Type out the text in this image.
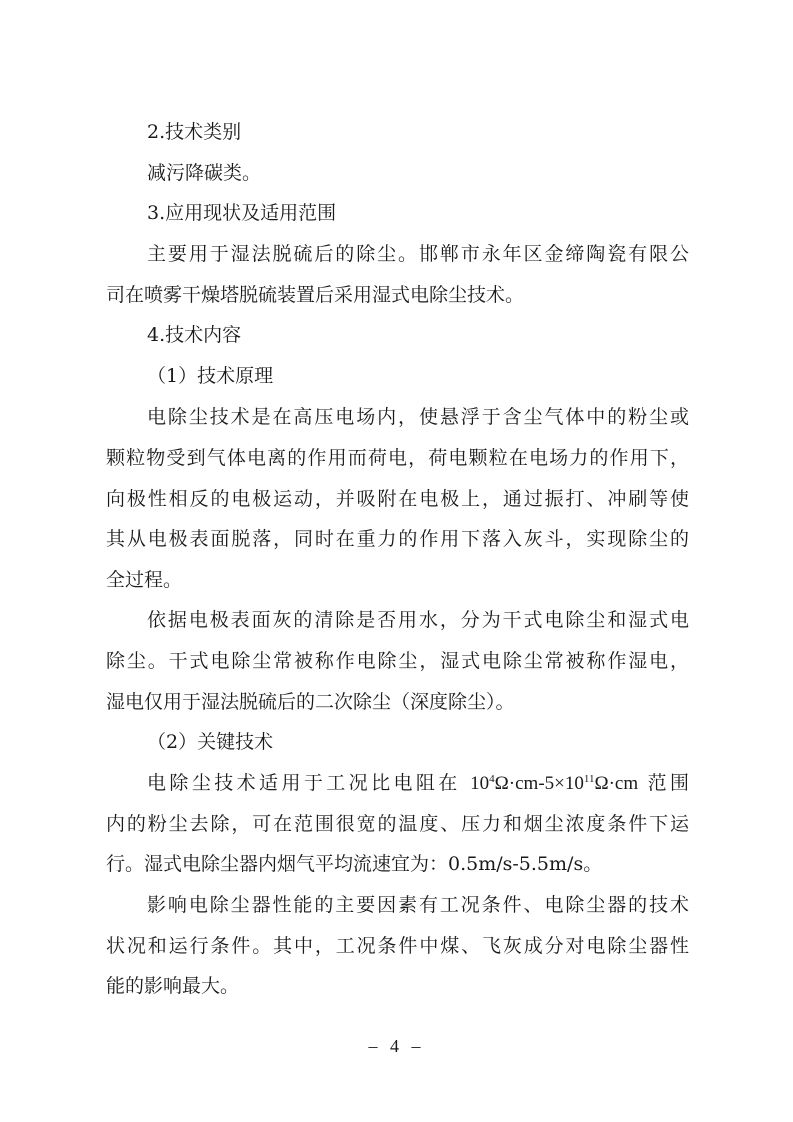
2.技术类别
减污降碳类。
3.应用现状及适用范围
主要用于湿法脱硫后的除尘。邯郸市永年区金缔陶瓷有限公
司在喷雾干燥塔脱硫装置后采用湿式电除尘技术。
4.技术内容
（1）技术原理
电除尘技术是在高压电场内，使悬浮于含尘气体中的粉尘或
颗粒物受到气体电离的作用而荷电，荷电颗粒在电场力的作用下，
向极性相反的电极运动，并吸附在电极上，通过振打、冲刷等使
其从电极表面脱落，同时在重力的作用下落入灰斗，实现除尘的
全过程。
依据电极表面灰的清除是否用水，分为干式电除尘和湿式电
除尘。干式电除尘常被称作电除尘，湿式电除尘常被称作湿电，
湿电仅用于湿法脱硫后的二次除尘（深度除尘）。
（2）关键技术
电除尘技术适用于工况比电阻在 $10^4\Omega\cdot cm-5\times 10^{11}\Omega\cdot cm$ 范围
内的粉尘去除，可在范围很宽的温度、压力和烟尘浓度条件下运
行。湿式电除尘器内烟气平均流速宜为：0.5m/s-5.5m/s。
影响电除尘器性能的主要因素有工况条件、电除尘器的技术
状况和运行条件。其中，工况条件中煤、飞灰成分对电除尘器性
能的影响最大。
– 4 –
